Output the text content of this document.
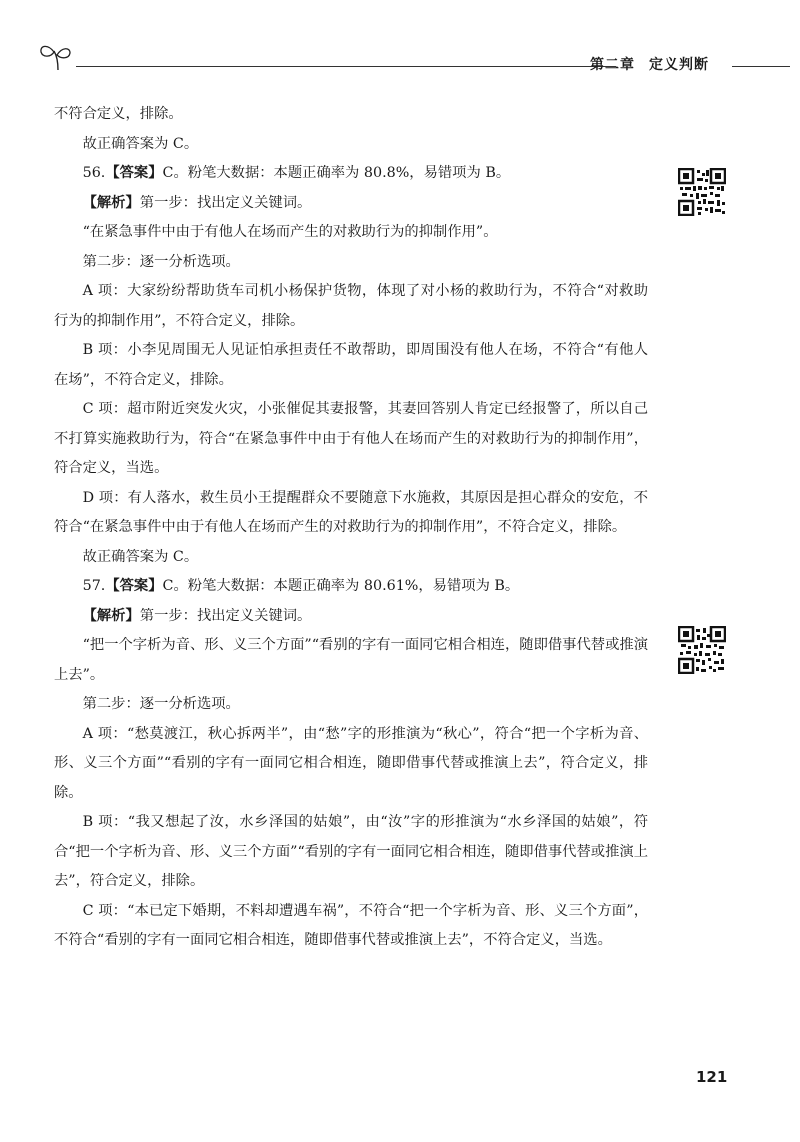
第二章 定义判断

不符合定义，排除。

故正确答案为 C。

56.【答案】C。粉笔大数据：本题正确率为 80.8%，易错项为 B。

【解析】第一步：找出定义关键词。

“在紧急事件中由于有他人在场而产生的对救助行为的抑制作用”。

第二步：逐一分析选项。

A 项：大家纷纷帮助货车司机小杨保护货物，体现了对小杨的救助行为，不符合“对救助行为的抑制作用”，不符合定义，排除。

B 项：小李见周围无人见证怕承担责任不敢帮助，即周围没有他人在场，不符合“有他人在场”，不符合定义，排除。

C 项：超市附近突发火灾，小张催促其妻报警，其妻回答别人肯定已经报警了，所以自己不打算实施救助行为，符合“在紧急事件中由于有他人在场而产生的对救助行为的抑制作用”，符合定义，当选。

D 项：有人落水，救生员小王提醒群众不要随意下水施救，其原因是担心群众的安危，不符合“在紧急事件中由于有他人在场而产生的对救助行为的抑制作用”，不符合定义，排除。

故正确答案为 C。

57.【答案】C。粉笔大数据：本题正确率为 80.61%，易错项为 B。

【解析】第一步：找出定义关键词。

“把一个字析为音、形、义三个方面”“看别的字有一面同它相合相连，随即借事代替或推演上去”。

第二步：逐一分析选项。

A 项：“愁莫渡江，秋心拆两半”，由“愁”字的形推演为“秋心”，符合“把一个字析为音、形、义三个方面”“看别的字有一面同它相合相连，随即借事代替或推演上去”，符合定义，排除。

B 项：“我又想起了汝，水乡泽国的姑娘”，由“汝”字的形推演为“水乡泽国的姑娘”，符合“把一个字析为音、形、义三个方面”“看别的字有一面同它相合相连，随即借事代替或推演上去”，符合定义，排除。

C 项：“本已定下婚期，不料却遭遇车祸”，不符合“把一个字析为音、形、义三个方面”，不符合“看别的字有一面同它相合相连，随即借事代替或推演上去”，不符合定义，当选。

121
